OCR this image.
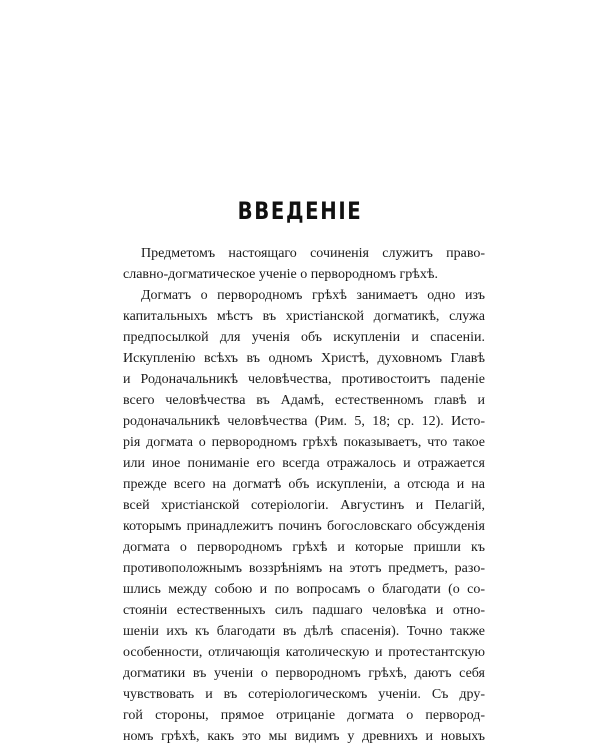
ВВЕДЕНІЕ
Предметомъ настоящаго сочиненія служитъ право-
славно-догматическое ученіе о первородномъ грѣхѣ.
Догматъ о первородномъ грѣхѣ занимаетъ одно изъ
капитальныхъ мѣстъ въ христіанской догматикѣ, служа
предпосылкой для ученія объ искупленіи и спасеніи.
Искупленію всѣхъ въ одномъ Христѣ, духовномъ Главѣ
и Родоначальникѣ человѣчества, противостоитъ паденіе
всего человѣчества въ Адамѣ, естественномъ главѣ и
родоначальникѣ человѣчества (Рим. 5, 18; ср. 12). Исто-
рія догмата о первородномъ грѣхѣ показываетъ, что такое
или иное пониманіе его всегда отражалось и отражается
прежде всего на догматѣ объ искупленіи, а отсюда и на
всей христіанской сотеріологіи. Августинъ и Пелагій,
которымъ принадлежитъ починъ богословскаго обсужденія
догмата о первородномъ грѣхѣ и которые пришли къ
противоположнымъ воззрѣніямъ на этотъ предметъ, разо-
шлись между собою и по вопросамъ о благодати (о со-
стояніи естественныхъ силъ падшаго человѣка и отно-
шеніи ихъ къ благодати въ дѣлѣ спасенія). Точно также
особенности, отличающія католическую и протестантскую
догматики въ ученіи о первородномъ грѣхѣ, даютъ себя
чувствовать и въ сотеріологическомъ ученіи. Съ дру-
гой стороны, прямое отрицаніе догмата о первород-
номъ грѣхѣ, какъ это мы видимъ у древнихъ и новыхъ
